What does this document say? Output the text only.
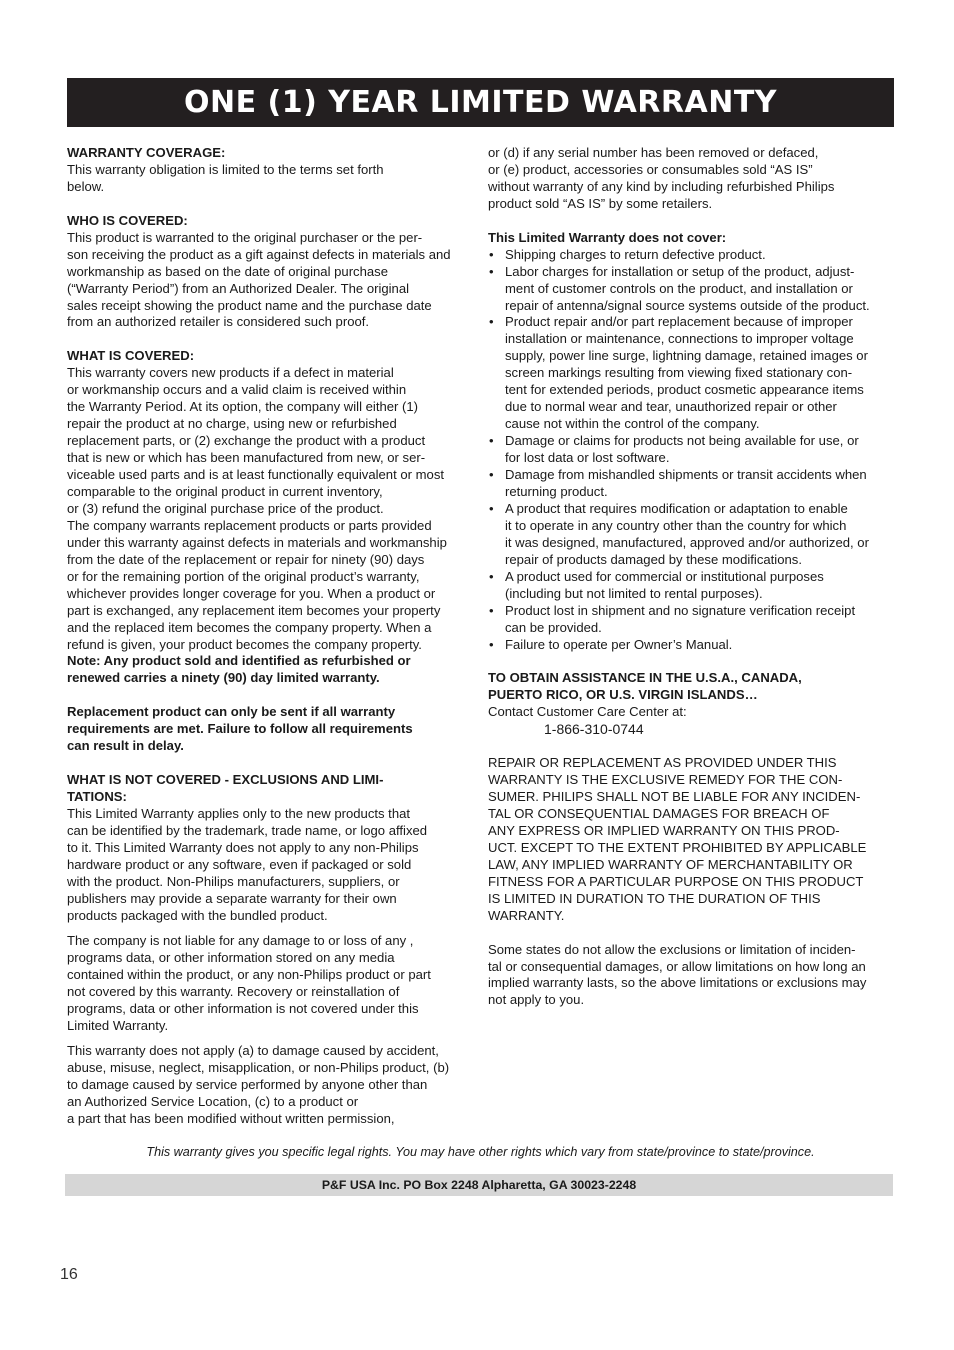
ONE (1) YEAR LIMITED WARRANTY

WARRANTY COVERAGE:

This warranty obligation is limited to the terms set forth
below.

WHO IS COVERED:

This product is warranted to the original purchaser or the per-
son receiving the product as a gift against defects in materials and
workmanship as based on the date of original purchase
(“Warranty Period”) from an Authorized Dealer. The original
sales receipt showing the product name and the purchase date
from an authorized retailer is considered such proof.

WHAT IS COVERED:

This warranty covers new products if a defect in material
or workmanship occurs and a valid claim is received within
the Warranty Period. At its option, the company will either (1)
repair the product at no charge, using new or refurbished
replacement parts, or (2) exchange the product with a product
that is new or which has been manufactured from new, or ser-
viceable used parts and is at least functionally equivalent or most
comparable to the original product in current inventory,
or (3) refund the original purchase price of the product.
The company warrants replacement products or parts provided
under this warranty against defects in materials and workmanship
from the date of the replacement or repair for ninety (90) days
or for the remaining portion of the original product’s warranty,
whichever provides longer coverage for you. When a product or
part is exchanged, any replacement item becomes your property
and the replaced item becomes the company property. When a
refund is given, your product becomes the company property.
Note: Any product sold and identified as refurbished or
renewed carries a ninety (90) day limited warranty.
Replacement product can only be sent if all warranty
requirements are met. Failure to follow all requirements
can result in delay.
WHAT IS NOT COVERED - EXCLUSIONS AND LIMI-
TATIONS:
This Limited Warranty applies only to the new products that
can be identified by the trademark, trade name, or logo affixed
to it. This Limited Warranty does not apply to any non-Philips
hardware product or any software, even if packaged or sold
with the product. Non-Philips manufacturers, suppliers, or
publishers may provide a separate warranty for their own
products packaged with the bundled product.
The company is not liable for any damage to or loss of any ,
programs data, or other information stored on any media
contained within the product, or any non-Philips product or part
not covered by this warranty. Recovery or reinstallation of
programs, data or other information is not covered under this
Limited Warranty.
This warranty does not apply (a) to damage caused by accident,
abuse, misuse, neglect, misapplication, or non-Philips product, (b)
to damage caused by service performed by anyone other than
an Authorized Service Location, (c) to a product or
a part that has been modified without written permission,
or (d) if any serial number has been removed or defaced,
or (e) product, accessories or consumables sold “AS IS”
without warranty of any kind by including refurbished Philips
product sold “AS IS” by some retailers.

This Limited Warranty does not cover:

• Shipping charges to return defective product.
• Labor charges for installation or setup of the product, adjust-
ment of customer controls on the product, and installation or
repair of antenna/signal source systems outside of the product.
• Product repair and/or part replacement because of improper
installation or maintenance, connections to improper voltage
supply, power line surge, lightning damage, retained images or
screen markings resulting from viewing fixed stationary con-
tent for extended periods, product cosmetic appearance items
due to normal wear and tear, unauthorized repair or other
cause not within the control of the company.
• Damage or claims for products not being available for use, or
for lost data or lost software.
• Damage from mishandled shipments or transit accidents when
returning product.
• A product that requires modification or adaptation to enable
it to operate in any country other than the country for which
it was designed, manufactured, approved and/or authorized, or
repair of products damaged by these modifications.
• A product used for commercial or institutional purposes
(including but not limited to rental purposes).
• Product lost in shipment and no signature verification receipt
can be provided.
• Failure to operate per Owner’s Manual.
TO OBTAIN ASSISTANCE IN THE U.S.A., CANADA,
PUERTO RICO, OR U.S. VIRGIN ISLANDS…

Contact Customer Care Center at:

1-866-310-0744

REPAIR OR REPLACEMENT AS PROVIDED UNDER THIS
WARRANTY IS THE EXCLUSIVE REMEDY FOR THE CON-
SUMER. PHILIPS SHALL NOT BE LIABLE FOR ANY INCIDEN-
TAL OR CONSEQUENTIAL DAMAGES FOR BREACH OF
ANY EXPRESS OR IMPLIED WARRANTY ON THIS PROD-
UCT. EXCEPT TO THE EXTENT PROHIBITED BY APPLICABLE
LAW, ANY IMPLIED WARRANTY OF MERCHANTABILITY OR
FITNESS FOR A PARTICULAR PURPOSE ON THIS PRODUCT
IS LIMITED IN DURATION TO THE DURATION OF THIS
WARRANTY.
Some states do not allow the exclusions or limitation of inciden-
tal or consequential damages, or allow limitations on how long an
implied warranty lasts, so the above limitations or exclusions may
not apply to you.
This warranty gives you specific legal rights. You may have other rights which vary from state/province to state/province.
P&F USA Inc. PO Box 2248 Alpharetta, GA 30023-2248
16
